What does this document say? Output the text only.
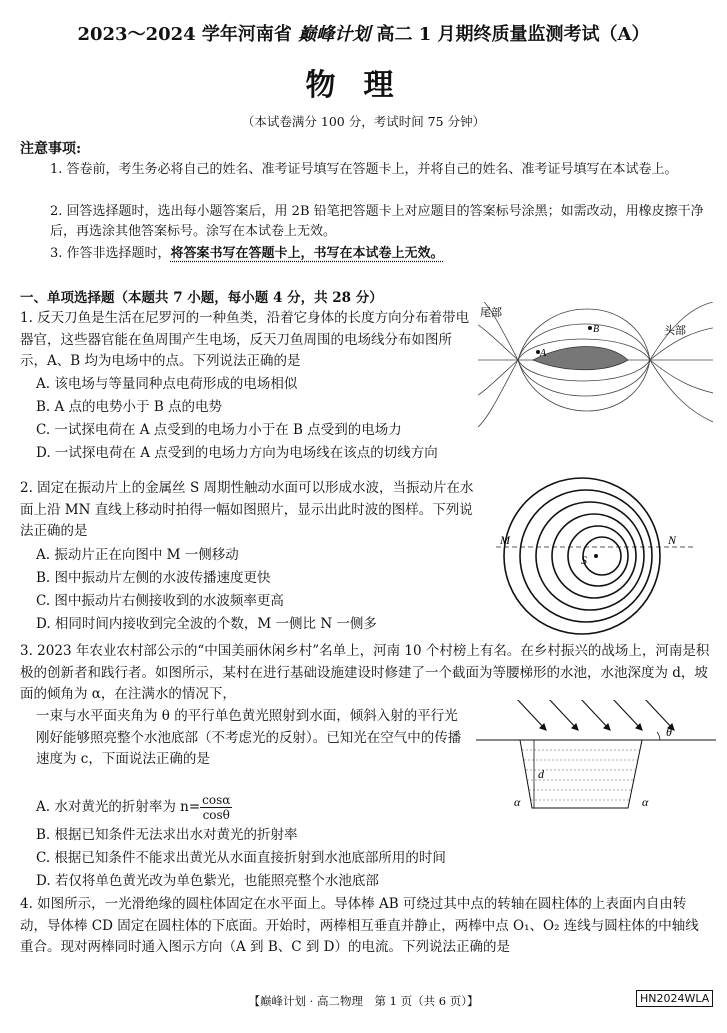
2023～2024 学年河南省 巅峰计划 高二 1 月期终质量监测考试（A）
物理
（本试卷满分 100 分，考试时间 75 分钟）
注意事项:
1. 答卷前，考生务必将自己的姓名、准考证号填写在答题卡上，并将自己的姓名、准考证号填写在本试卷上。
2. 回答选择题时，选出每小题答案后，用 2B 铅笔把答题卡上对应题目的答案标号涂黑；如需改动，用橡皮擦干净后，再选涂其他答案标号。涂写在本试卷上无效。
3. 作答非选择题时，将答案书写在答题卡上，书写在本试卷上无效。
一、单项选择题（本题共 7 小题，每小题 4 分，共 28 分）
1. 反天刀鱼是生活在尼罗河的一种鱼类，沿着它身体的长度方向分布着带电器官，这些器官能在鱼周围产生电场，反天刀鱼周围的电场线分布如图所示，A、B 均为电场中的点。下列说法正确的是
A. 该电场与等量同种点电荷形成的电场相似
B. A 点的电势小于 B 点的电势
C. 一试探电荷在 A 点受到的电场力小于在 B 点受到的电场力
D. 一试探电荷在 A 点受到的电场力方向为电场线在该点的切线方向
A
B
尾部
头部
2. 固定在振动片上的金属丝 S 周期性触动水面可以形成水波，当振动片在水面上沿 MN 直线上移动时拍得一幅如图照片，显示出此时波的图样。下列说法正确的是
A. 振动片正在向图中 M 一侧移动
B. 图中振动片左侧的水波传播速度更快
C. 图中振动片右侧接收到的水波频率更高
D. 相同时间内接收到完全波的个数，M 一侧比 N 一侧多
M	N
S
3. 2023 年农业农村部公示的“中国美丽休闲乡村”名单上，河南 10 个村榜上有名。在乡村振兴的战场上，河南是积极的创新者和践行者。如图所示，某村在进行基础设施建设时修建了一个截面为等腰梯形的水池，水池深度为 d，坡面的倾角为 α，在注满水的情况下，
一束与水平面夹角为 θ 的平行单色黄光照射到水面，倾斜入射的平行光刚好能够照亮整个水池底部（不考虑光的反射）。已知光在空气中的传播速度为 c，下面说法正确的是
A. 水对黄光的折射率为 $n= \frac{\cos\alpha}{\cos\theta}$
B. 根据已知条件无法求出水对黄光的折射率
C. 根据已知条件不能求出黄光从水面直接折射到水池底部所用的时间
D. 若仅将单色黄光改为单色紫光，也能照亮整个水池底部
θ
d
α	α
4. 如图所示，一光滑绝缘的圆柱体固定在水平面上。导体棒 AB 可绕过其中点的转轴在圆柱体的上表面内自由转动，导体棒 CD 固定在圆柱体的下底面。开始时，两棒相互垂直并静止，两棒中点 O₁、O₂ 连线与圆柱体的中轴线重合。现对两棒同时通入图示方向（A 到 B、C 到 D）的电流。下列说法正确的是
【巅峰计划 · 高二物理　第 1 页（共 6 页）】	HN2024WLA
